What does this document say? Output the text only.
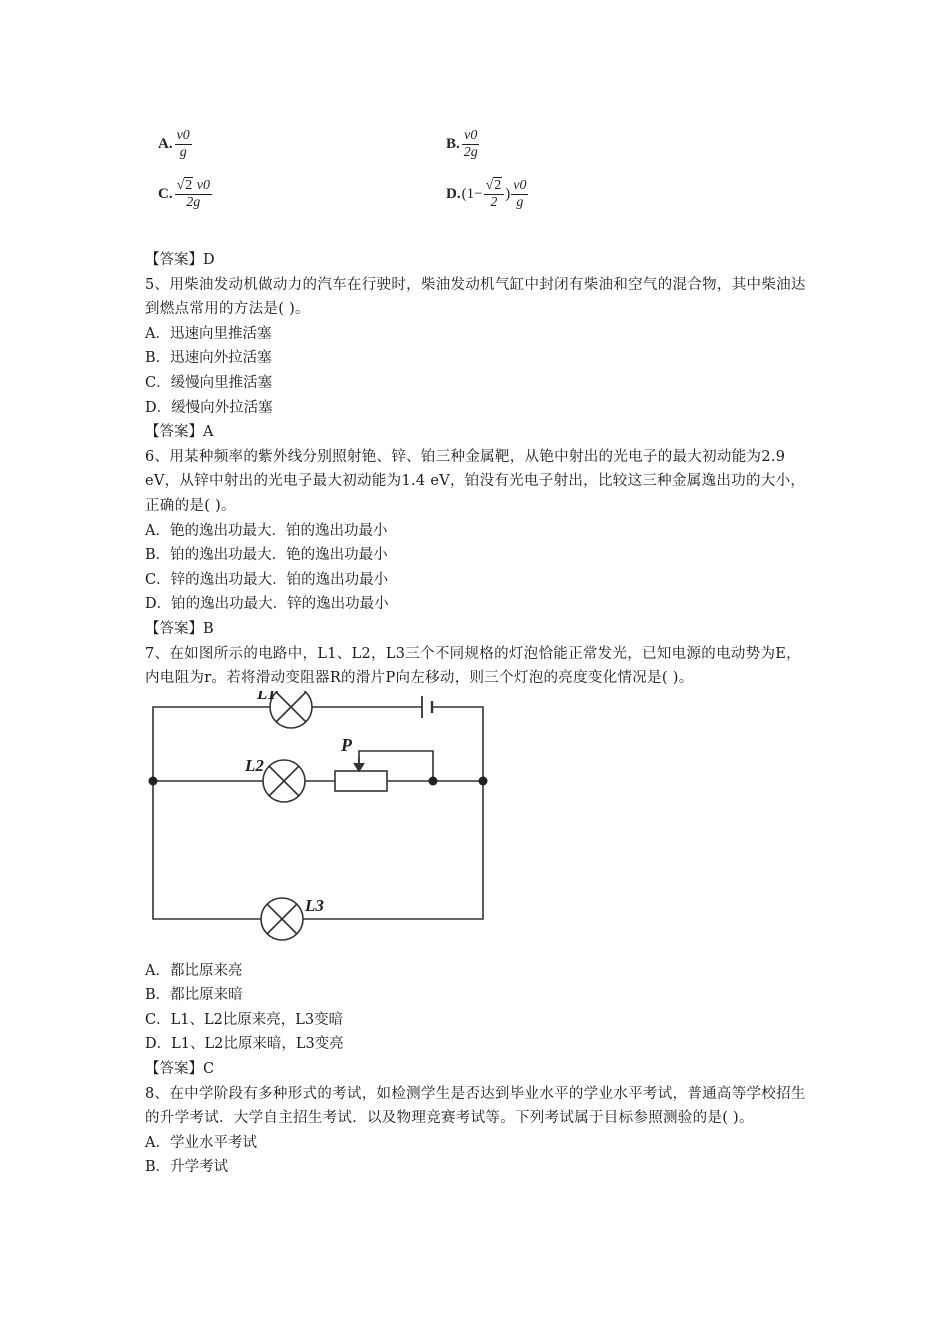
A. $\frac{v0}{g}$	B. $\frac{v0}{2g}$
C. $\frac{√2 v0}{2g}$	D. ($1- \frac{√2}{2}$ ) $\frac{v0}{g}$
【答案】D
5、用柴油发动机做动力的汽车在行驶时，柴油发动机气缸中封闭有柴油和空气的混合物，其中柴油达到燃点常用的方法是( )。
A．迅速向里推活塞
B．迅速向外拉活塞
C．缓慢向里推活塞
D．缓慢向外拉活塞
【答案】A
6、用某种频率的紫外线分别照射铯、锌、铂三种金属靶，从铯中射出的光电子的最大初动能为2.9 eV，从锌中射出的光电子最大初动能为1.4 eV，铂没有光电子射出，比较这三种金属逸出功的大小，正确的是( )。
A．铯的逸出功最大．铂的逸出功最小
B．铂的逸出功最大．铯的逸出功最小
C．锌的逸出功最大．铂的逸出功最小
D．铂的逸出功最大．锌的逸出功最小
【答案】B
7、在如图所示的电路中，L1、L2，L3三个不同规格的灯泡恰能正常发光，已知电源的电动势为E，内电阻为r。若将滑动变阻器R的滑片P向左移动，则三个灯泡的亮度变化情况是( )。
L1
L2
P
L3
A．都比原来亮
B．都比原来暗
C．L1、L2比原来亮，L3变暗
D．L1、L2比原来暗，L3变亮
【答案】C
8、在中学阶段有多种形式的考试，如检测学生是否达到毕业水平的学业水平考试，普通高等学校招生的升学考试．大学自主招生考试．以及物理竞赛考试等。下列考试属于目标参照测验的是( )。
A．学业水平考试
B．升学考试
